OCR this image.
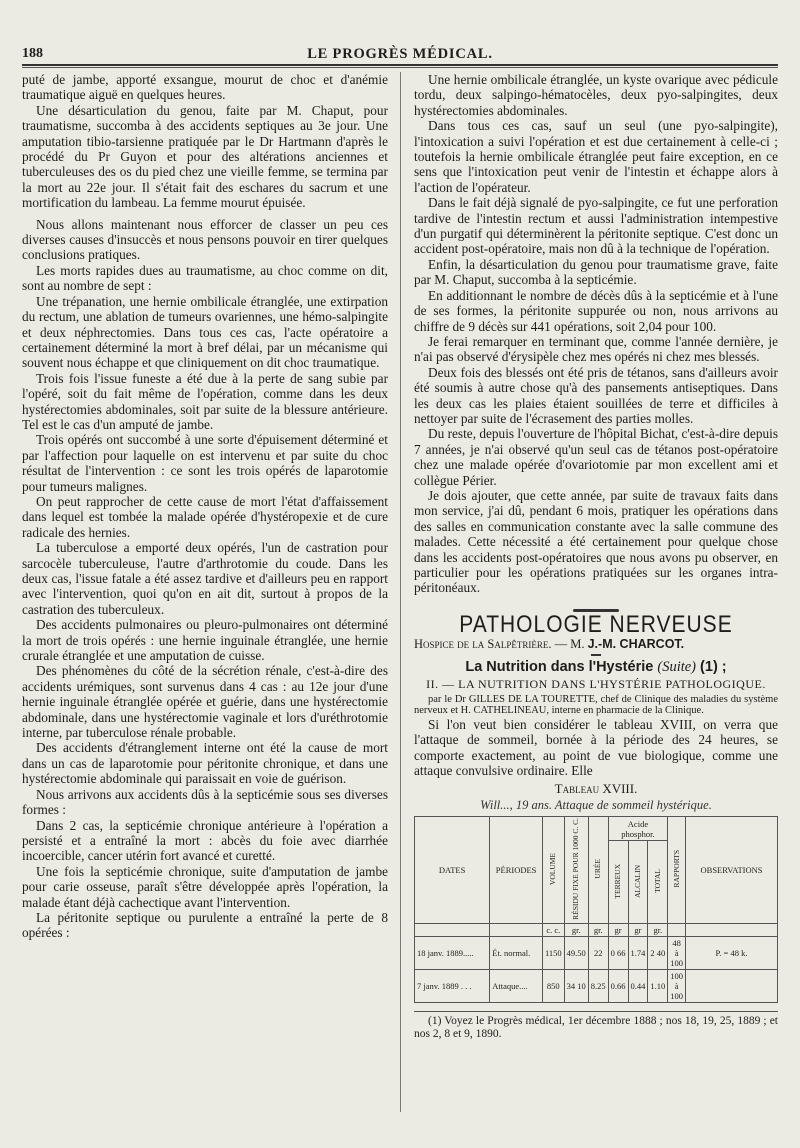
188	LE PROGRÈS MÉDICAL.

puté de jambe, apporté exsangue, mourut de choc et d'anémie traumatique aiguë en quelques heures.

Une désarticulation du genou, faite par M. Chaput, pour traumatisme, succomba à des accidents septiques au 3e jour. Une amputation tibio-tarsienne pratiquée par le Dr Hartmann d'après le procédé du Pr Guyon et pour des altérations anciennes et tuberculeuses des os du pied chez une vieille femme, se termina par la mort au 22e jour. Il s'était fait des eschares du sacrum et une mortification du lambeau. La femme mourut épuisée.

Nous allons maintenant nous efforcer de classer un peu ces diverses causes d'insuccès et nous pensons pouvoir en tirer quelques conclusions pratiques.

Les morts rapides dues au traumatisme, au choc comme on dit, sont au nombre de sept :

Une trépanation, une hernie ombilicale étranglée, une extirpation du rectum, une ablation de tumeurs ovariennes, une hémo-salpingite et deux néphrectomies. Dans tous ces cas, l'acte opératoire a certainement déterminé la mort à bref délai, par un mécanisme qui souvent nous échappe et que cliniquement on dit choc traumatique.

Trois fois l'issue funeste a été due à la perte de sang subie par l'opéré, soit du fait même de l'opération, comme dans les deux hystérectomies abdominales, soit par suite de la blessure antérieure. Tel est le cas d'un amputé de jambe.

Trois opérés ont succombé à une sorte d'épuisement déterminé et par l'affection pour laquelle on est intervenu et par suite du choc résultat de l'intervention : ce sont les trois opérés de laparotomie pour tumeurs malignes.

On peut rapprocher de cette cause de mort l'état d'affaissement dans lequel est tombée la malade opérée d'hystéropexie et de cure radicale des hernies.

La tuberculose a emporté deux opérés, l'un de castration pour sarcocèle tuberculeuse, l'autre d'arthrotomie du coude. Dans les deux cas, l'issue fatale a été assez tardive et d'ailleurs peu en rapport avec l'intervention, quoi qu'on en ait dit, surtout à propos de la castration des tuberculeux.

Des accidents pulmonaires ou pleuro-pulmonaires ont déterminé la mort de trois opérés : une hernie inguinale étranglée, une hernie crurale étranglée et une amputation de cuisse.

Des phénomènes du côté de la sécrétion rénale, c'est-à-dire des accidents urémiques, sont survenus dans 4 cas : au 12e jour d'une hernie inguinale étranglée opérée et guérie, dans une hystérectomie abdominale, dans une hystérectomie vaginale et lors d'uréthrotomie interne, par tuberculose rénale probable.

Des accidents d'étranglement interne ont été la cause de mort dans un cas de laparotomie pour péritonite chronique, et dans une hystérectomie abdominale qui paraissait en voie de guérison.

Nous arrivons aux accidents dûs à la septicémie sous ses diverses formes :

Dans 2 cas, la septicémie chronique antérieure à l'opération a persisté et a entraîné la mort : abcès du foie avec diarrhée incoercible, cancer utérin fort avancé et curetté.

Une fois la septicémie chronique, suite d'amputation de jambe pour carie osseuse, paraît s'être développée après l'opération, la malade étant déjà cachectique avant l'intervention.

La péritonite septique ou purulente a entraîné la perte de 8 opérées :

Une hernie ombilicale étranglée, un kyste ovarique avec pédicule tordu, deux salpingo-hématocèles, deux pyo-salpingites, deux hystérectomies abdominales.

Dans tous ces cas, sauf un seul (une pyo-salpingite), l'intoxication a suivi l'opération et est due certainement à celle-ci ; toutefois la hernie ombilicale étranglée peut faire exception, en ce sens que l'intoxication peut venir de l'intestin et échappe alors à l'action de l'opérateur.

Dans le fait déjà signalé de pyo-salpingite, ce fut une perforation tardive de l'intestin rectum et aussi l'administration intempestive d'un purgatif qui déterminèrent la péritonite septique. C'est donc un accident post-opératoire, mais non dû à la technique de l'opération.

Enfin, la désarticulation du genou pour traumatisme grave, faite par M. Chaput, succomba à la septicémie.

En additionnant le nombre de décès dûs à la septicémie et à l'une de ses formes, la péritonite suppurée ou non, nous arrivons au chiffre de 9 décès sur 441 opérations, soit 2,04 pour 100.

Je ferai remarquer en terminant que, comme l'année dernière, je n'ai pas observé d'érysipèle chez mes opérés ni chez mes blessés.

Deux fois des blessés ont été pris de tétanos, sans d'ailleurs avoir été soumis à autre chose qu'à des pansements antiseptiques. Dans les deux cas les plaies étaient souillées de terre et difficiles à nettoyer par suite de l'écrasement des parties molles.

Du reste, depuis l'ouverture de l'hôpital Bichat, c'est-à-dire depuis 7 années, je n'ai observé qu'un seul cas de tétanos post-opératoire chez une malade opérée d'ovariotomie par mon excellent ami et collègue Périer.

Je dois ajouter, que cette année, par suite de travaux faits dans mon service, j'ai dû, pendant 6 mois, pratiquer les opérations dans des salles en communication constante avec la salle commune des malades. Cette nécessité a été certainement pour quelque chose dans les accidents post-opératoires que nous avons pu observer, en particulier pour les opérations pratiquées sur les organes intra-péritonéaux.

PATHOLOGIE NERVEUSE
Hospice de la Salpêtrière. — M. J.-M. CHARCOT.
La Nutrition dans l'Hystérie (Suite) (1) ;
II. — LA NUTRITION DANS L'HYSTÉRIE PATHOLOGIQUE.

par le Dr GILLES DE LA TOURETTE, chef de Clinique des maladies du système nerveux et H. CATHELINEAU, interne en pharmacie de la Clinique.

Si l'on veut bien considérer le tableau XVIII, on verra que l'attaque de sommeil, bornée à la période des 24 heures, se comporte exactement, au point de vue biologique, comme une attaque convulsive ordinaire. Elle

Tableau XVIII.
Will..., 19 ans. Attaque de sommeil hystérique.
DATES	PÉRIODES	VOLUME	RÉSIDU FIXE POUR 1000 C. C.	URÉE	Acide phosphor.			RAPPORTS	OBSERVATIONS
					TERREUX	ALCALIN	TOTAL		
		c. c.	gr.	gr.	gr	gr	gr.		
18 janv. 1889.....	Ét. normal.	1150	49.50	22	0 66	1.74	2 40	48 à 100	P. = 48 k.
7 janv. 1889 . . .	Attaque....	850	34 10	8.25	0.66	0.44	1.10	100 à 100	

(1) Voyez le Progrès médical, 1er décembre 1888 ; nos 18, 19, 25, 1889 ; et nos 2, 8 et 9, 1890.
